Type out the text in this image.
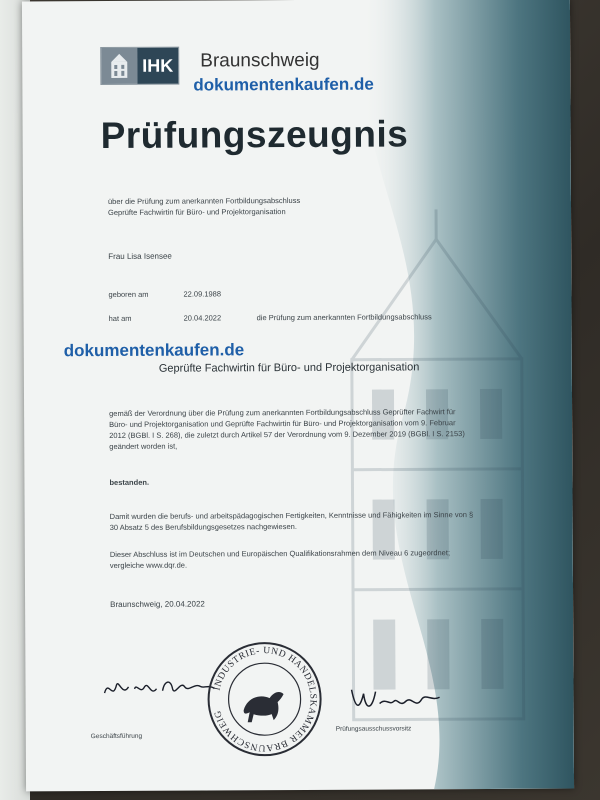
IHK Braunschweig
dokumentenkaufen.de
Prüfungszeugnis
über die Prüfung zum anerkannten Fortbildungsabschluss
Geprüfte Fachwirtin für Büro- und Projektorganisation
Frau Lisa Isensee
geboren am	22.09.1988
hat am	20.04.2022	die Prüfung zum anerkannten Fortbildungsabschluss
dokumentenkaufen.de
Geprüfte Fachwirtin für Büro- und Projektorganisation
gemäß der Verordnung über die Prüfung zum anerkannten Fortbildungsabschluss Geprüfter Fachwirt für Büro- und Projektorganisation und Geprüfte Fachwirtin für Büro- und Projektorganisation vom 9. Februar 2012 (BGBl. I S. 268), die zuletzt durch Artikel 57 der Verordnung vom 9. Dezember 2019 (BGBl. I S. 2153) geändert worden ist,
bestanden.
Damit wurden die berufs- und arbeitspädagogischen Fertigkeiten, Kenntnisse und Fähigkeiten im Sinne von § 30 Absatz 5 des Berufsbildungsgesetzes nachgewiesen.
Dieser Abschluss ist im Deutschen und Europäischen Qualifikationsrahmen dem Niveau 6 zugeordnet; vergleiche www.dqr.de.
Braunschweig, 20.04.2022
Geschäftsführung
INDUSTRIE- UND HANDELSKAMMER BRAUNSCHWEIG
Prüfungsausschussvorsitz
